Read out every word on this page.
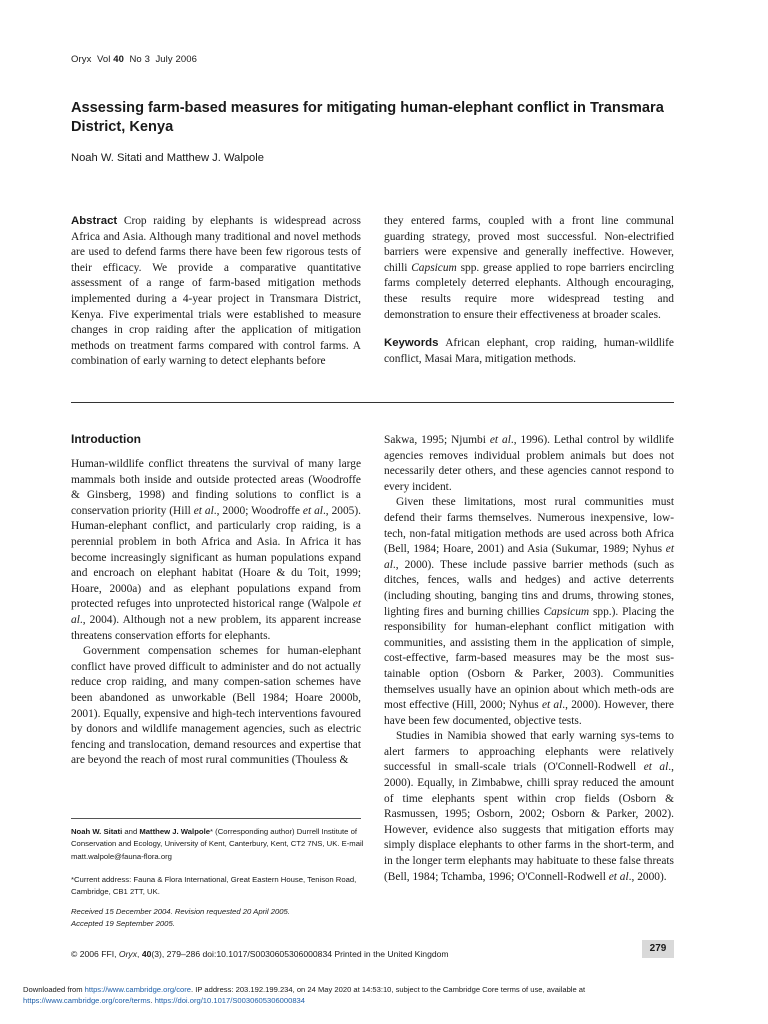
Oryx Vol 40 No 3 July 2006
Assessing farm-based measures for mitigating human-elephant conflict in Transmara District, Kenya
Noah W. Sitati and Matthew J. Walpole

Abstract Crop raiding by elephants is widespread across Africa and Asia. Although many traditional and novel methods are used to defend farms there have been few rigorous tests of their efficacy. We provide a comparative quantitative assessment of a range of farm-based mitigation methods implemented during a 4-year project in Transmara District, Kenya. Five experimental trials were established to measure changes in crop raiding after the application of mitigation methods on treatment farms compared with control farms. A combination of early warning to detect elephants before

they entered farms, coupled with a front line communal guarding strategy, proved most successful. Non-electrified barriers were expensive and generally ineffective. However, chilli Capsicum spp. grease applied to rope barriers encircling farms completely deterred elephants. Although encouraging, these results require more widespread testing and demonstration to ensure their effectiveness at broader scales.

Keywords African elephant, crop raiding, human-wildlife conflict, Masai Mara, mitigation methods.

Introduction

Human-wildlife conflict threatens the survival of many large mammals both inside and outside protected areas (Woodroffe & Ginsberg, 1998) and finding solutions to conflict is a conservation priority (Hill et al., 2000; Woodroffe et al., 2005). Human-elephant conflict, and particularly crop raiding, is a perennial problem in both Africa and Asia. In Africa it has become increasingly significant as human populations expand and encroach on elephant habitat (Hoare & du Toit, 1999; Hoare, 2000a) and as elephant populations expand from protected refuges into unprotected historical range (Walpole et al., 2004). Although not a new problem, its apparent increase threatens conservation efforts for elephants.

Government compensation schemes for human-elephant conflict have proved difficult to administer and do not actually reduce crop raiding, and many compen-sation schemes have been abandoned as unworkable (Bell 1984; Hoare 2000b, 2001). Equally, expensive and high-tech interventions favoured by donors and wildlife management agencies, such as electric fencing and translocation, demand resources and expertise that are beyond the reach of most rural communities (Thouless &

Sakwa, 1995; Njumbi et al., 1996). Lethal control by wildlife agencies removes individual problem animals but does not necessarily deter others, and these agencies cannot respond to every incident.

Given these limitations, most rural communities must defend their farms themselves. Numerous inexpensive, low-tech, non-fatal mitigation methods are used across both Africa (Bell, 1984; Hoare, 2001) and Asia (Sukumar, 1989; Nyhus et al., 2000). These include passive barrier methods (such as ditches, fences, walls and hedges) and active deterrents (including shouting, banging tins and drums, throwing stones, lighting fires and burning chillies Capsicum spp.). Placing the responsibility for human-elephant conflict mitigation with communities, and assisting them in the application of simple, cost-effective, farm-based measures may be the most sus-tainable option (Osborn & Parker, 2003). Communities themselves usually have an opinion about which meth-ods are most effective (Hill, 2000; Nyhus et al., 2000). However, there have been few documented, objective tests.

Studies in Namibia showed that early warning sys-tems to alert farmers to approaching elephants were relatively successful in small-scale trials (O'Connell-Rodwell et al., 2000). Equally, in Zimbabwe, chilli spray reduced the amount of time elephants spent within crop fields (Osborn & Rasmussen, 1995; Osborn, 2002; Osborn & Parker, 2002). However, evidence also suggests that mitigation efforts may simply displace elephants to other farms in the short-term, and in the longer term elephants may habituate to these false threats (Bell, 1984; Tchamba, 1996; O'Connell-Rodwell et al., 2000).

Noah W. Sitati and Matthew J. Walpole* (Corresponding author) Durrell Institute of Conservation and Ecology, University of Kent, Canterbury, Kent, CT2 7NS, UK. E-mail matt.walpole@fauna-flora.org

*Current address: Fauna & Flora International, Great Eastern House, Tenison Road, Cambridge, CB1 2TT, UK.

Received 15 December 2004. Revision requested 20 April 2005.
Accepted 19 September 2005.

© 2006 FFI, Oryx, 40(3), 279–286 doi:10.1017/S0030605306000834 Printed in the United Kingdom	279

Downloaded from https://www.cambridge.org/core. IP address: 203.192.199.234, on 24 May 2020 at 14:53:10, subject to the Cambridge Core terms of use, available at
https://www.cambridge.org/core/terms. https://doi.org/10.1017/S0030605306000834
